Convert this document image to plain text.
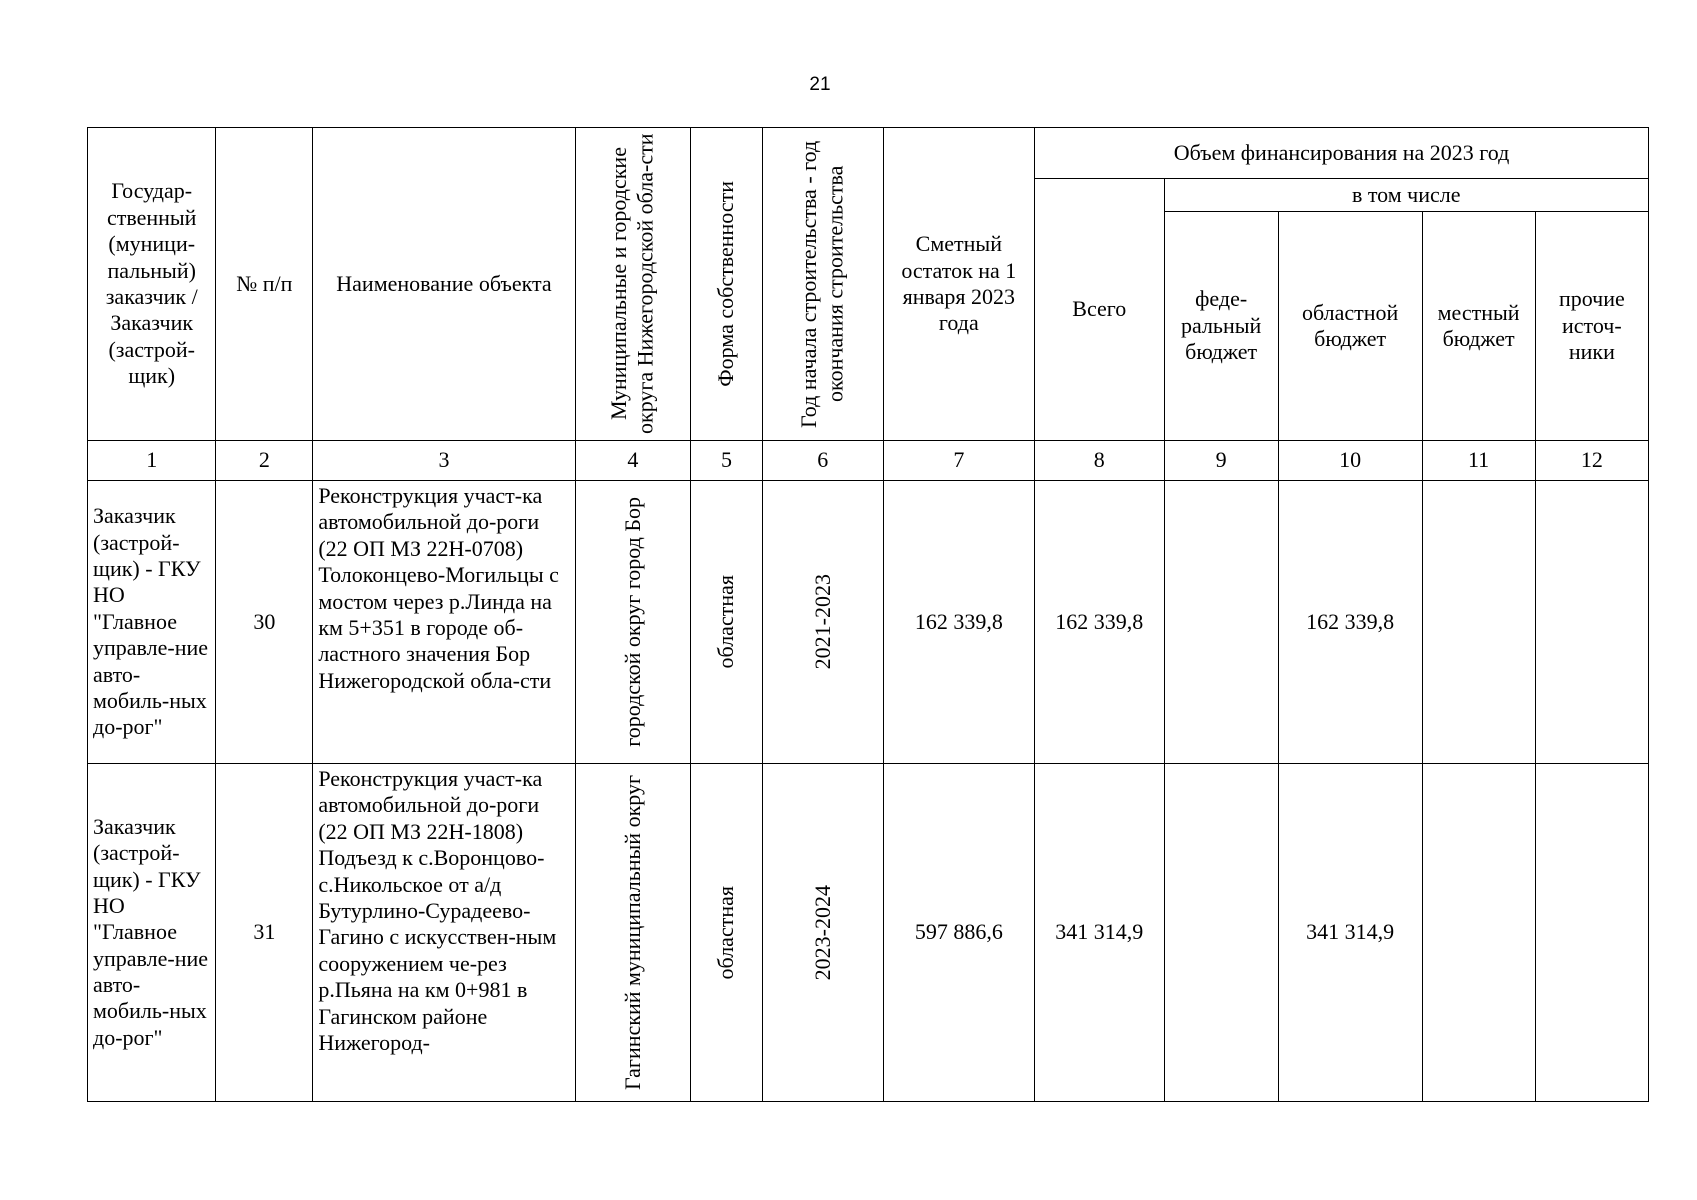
21
Государ-ственный (муници-пальный) заказчик / Заказчик (застрой-щик)	№ п/п	Наименование объекта	Муниципальные и городские округа Нижегородской обла-сти	Форма собственности	Год начала строительства - год окончания строительства	Сметный остаток на 1 января 2023 года	Объем финансирования на 2023 год				
							Всего	в том числе			
								феде-ральный бюджет	областной бюджет	местный бюджет	прочие источ-ники
1	2	3	4	5	6	7	8	9	10	11	12
Заказчик (застрой-щик) - ГКУ НО "Главное управле-ние авто-мобиль-ных до-рог"	30	Реконструкция участ-ка автомобильной до-роги (22 ОП МЗ 22Н-0708) Толоконцево-Могильцы с мостом через р.Линда на км 5+351 в городе об-ластного значения Бор Нижегородской обла-сти	городской округ город Бор	областная	2021-2023	162 339,8	162 339,8		162 339,8		
Заказчик (застрой-щик) - ГКУ НО "Главное управле-ние авто-мобиль-ных до-рог"	31	Реконструкция участ-ка автомобильной до-роги (22 ОП МЗ 22Н-1808) Подъезд к с.Воронцово-с.Никольское от а/д Бутурлино-Сурадеево-Гагино с искусствен-ным сооружением че-рез р.Пьяна на км 0+981 в Гагинском районе Нижегород-	Гагинский муниципальный округ	областная	2023-2024	597 886,6	341 314,9		341 314,9		
